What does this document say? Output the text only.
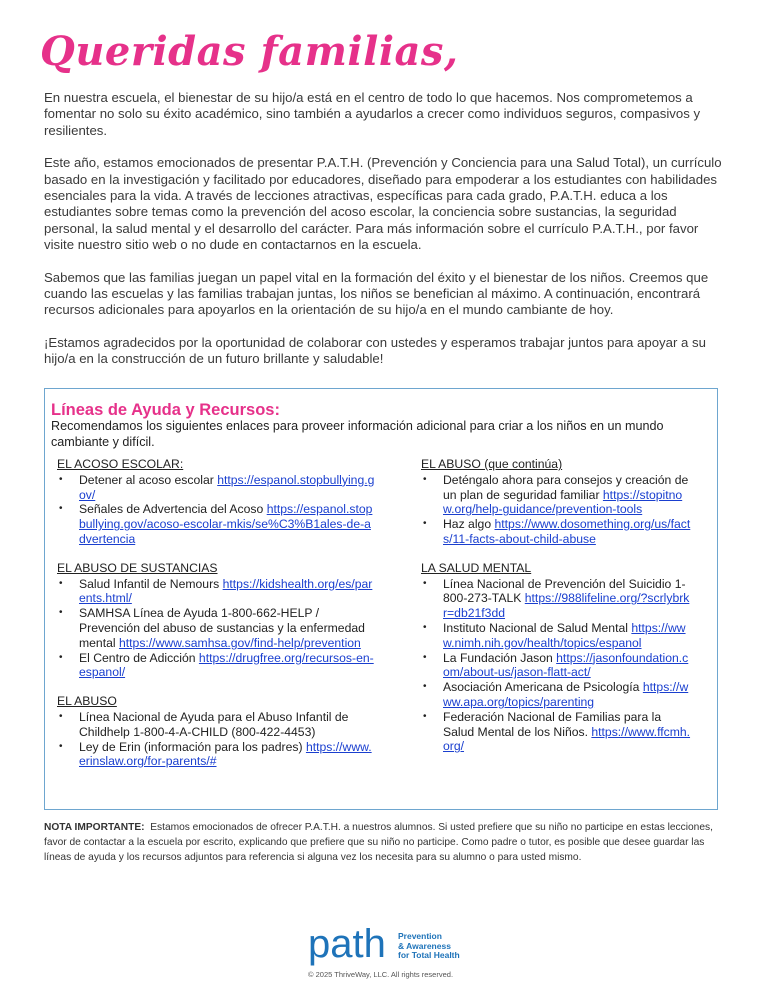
Queridas familias,

En nuestra escuela, el bienestar de su hijo/a está en el centro de todo lo que hacemos. Nos comprometemos a fomentar no solo su éxito académico, sino también a ayudarlos a crecer como individuos seguros, compasivos y resilientes.

Este año, estamos emocionados de presentar P.A.T.H. (Prevención y Conciencia para una Salud Total), un currículo basado en la investigación y facilitado por educadores, diseñado para empoderar a los estudiantes con habilidades esenciales para la vida. A través de lecciones atractivas, específicas para cada grado, P.A.T.H. educa a los estudiantes sobre temas como la prevención del acoso escolar, la conciencia sobre sustancias, la seguridad personal, la salud mental y el desarrollo del carácter. Para más información sobre el currículo P.A.T.H., por favor visite nuestro sitio web o no dude en contactarnos en la escuela.

Sabemos que las familias juegan un papel vital en la formación del éxito y el bienestar de los niños. Creemos que cuando las escuelas y las familias trabajan juntas, los niños se benefician al máximo. A continuación, encontrará recursos adicionales para apoyarlos en la orientación de su hijo/a en el mundo cambiante de hoy.

¡Estamos agradecidos por la oportunidad de colaborar con ustedes y esperamos trabajar juntos para apoyar a su hijo/a en la construcción de un futuro brillante y saludable!

Líneas de Ayuda y Recursos:
Recomendamos los siguientes enlaces para proveer información adicional para criar a los niños en un mundo cambiante y difícil.
EL ACOSO ESCOLAR:
• Detener al acoso escolar https://espanol.stopbullying.gov/
• Señales de Advertencia del Acoso https://espanol.stopbullying.gov/acoso-escolar-mkis/se%C3%B1ales-de-advertencia
EL ABUSO DE SUSTANCIAS
• Salud Infantil de Nemours https://kidshealth.org/es/parents.html/
• SAMHSA Línea de Ayuda 1-800-662-HELP / Prevención del abuso de sustancias y la enfermedad mental https://www.samhsa.gov/find-help/prevention
• El Centro de Adicción https://drugfree.org/recursos-en-espanol/
EL ABUSO
• Línea Nacional de Ayuda para el Abuso Infantil de Childhelp 1-800-4-A-CHILD (800-422-4453)
• Ley de Erin (información para los padres) https://www.erinslaw.org/for-parents/#
EL ABUSO (que continúa)
• Deténgalo ahora para consejos y creación de un plan de seguridad familiar https://stopitnow.org/help-guidance/prevention-tools
• Haz algo https://www.dosomething.org/us/facts/11-facts-about-child-abuse
LA SALUD MENTAL
• Línea Nacional de Prevención del Suicidio 1-800-273-TALK https://988lifeline.org/?scrlybrkr=db21f3dd
• Instituto Nacional de Salud Mental https://www.nimh.nih.gov/health/topics/espanol
• La Fundación Jason https://jasonfoundation.com/about-us/jason-flatt-act/
• Asociación Americana de Psicología https://www.apa.org/topics/parenting
• Federación Nacional de Familias para la Salud Mental de los Niños. https://www.ffcmh.org/
NOTA IMPORTANTE: Estamos emocionados de ofrecer P.A.T.H. a nuestros alumnos. Si usted prefiere que su niño no participe en estas lecciones, favor de contactar a la escuela por escrito, explicando que prefiere que su niño no participe. Como padre o tutor, es posible que desee guardar las líneas de ayuda y los recursos adjuntos para referencia si alguna vez los necesita para su alumno o para usted mismo.
path Prevention
& Awareness
for Total Health
© 2025 ThriveWay, LLC. All rights reserved.
